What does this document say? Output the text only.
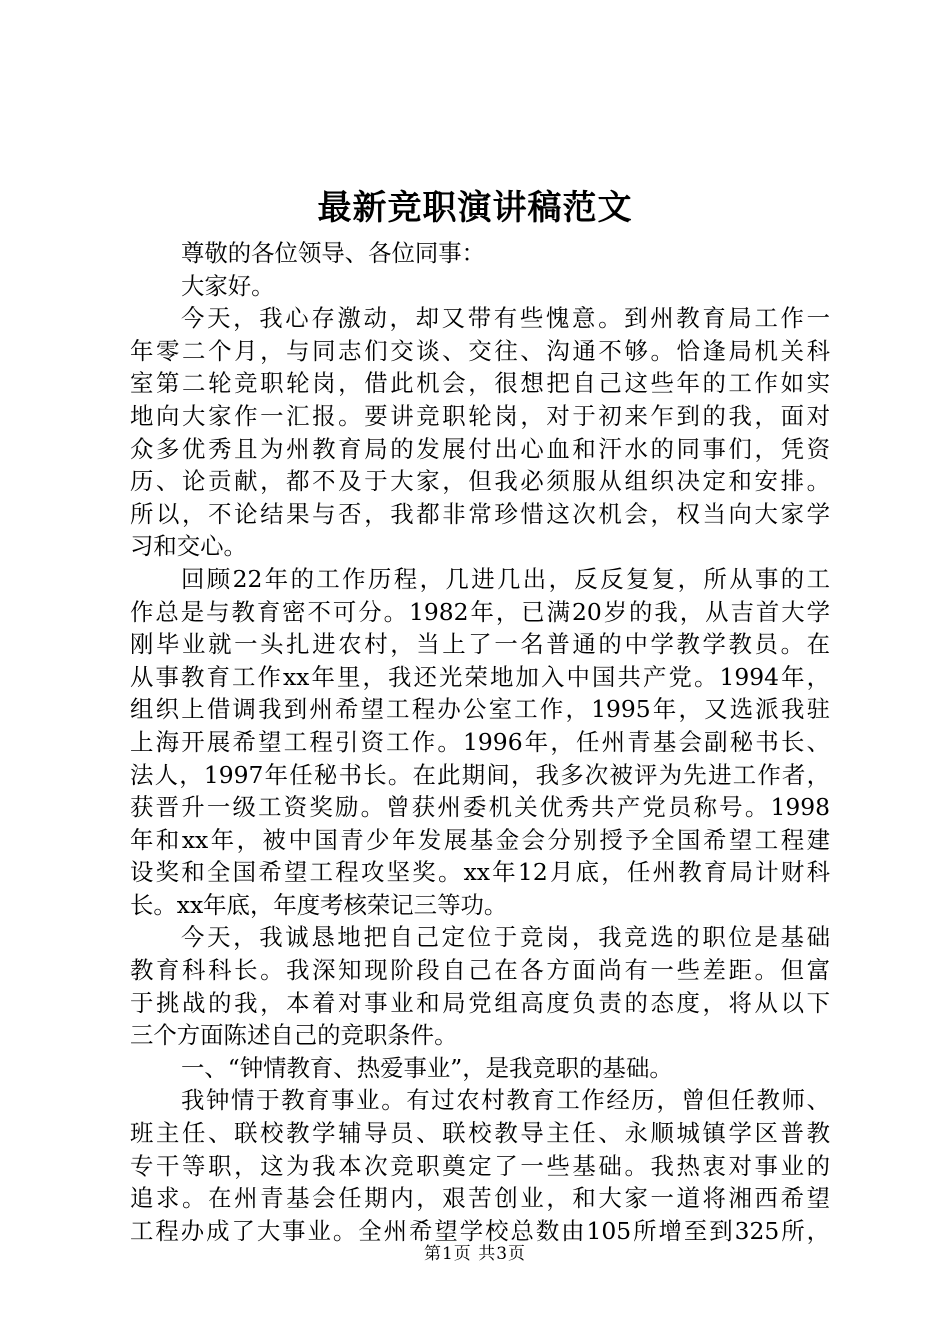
最新竞职演讲稿范文
尊敬的各位领导、各位同事：
大家好。
今天，我心存激动，却又带有些愧意。到州教育局工作一
年零二个月，与同志们交谈、交往、沟通不够。恰逢局机关科
室第二轮竞职轮岗，借此机会，很想把自己这些年的工作如实
地向大家作一汇报。要讲竞职轮岗，对于初来乍到的我，面对
众多优秀且为州教育局的发展付出心血和汗水的同事们，凭资
历、论贡献，都不及于大家，但我必须服从组织决定和安排。
所以，不论结果与否，我都非常珍惜这次机会，权当向大家学
习和交心。
回顾22年的工作历程，几进几出，反反复复，所从事的工
作总是与教育密不可分。1982年，已满20岁的我，从吉首大学
刚毕业就一头扎进农村，当上了一名普通的中学教学教员。在
从事教育工作xx年里，我还光荣地加入中国共产党。1994年，
组织上借调我到州希望工程办公室工作，1995年，又选派我驻
上海开展希望工程引资工作。1996年，任州青基会副秘书长、
法人，1997年任秘书长。在此期间，我多次被评为先进工作者，
获晋升一级工资奖励。曾获州委机关优秀共产党员称号。1998
年和xx年，被中国青少年发展基金会分别授予全国希望工程建
设奖和全国希望工程攻坚奖。xx年12月底，任州教育局计财科
长。xx年底，年度考核荣记三等功。
今天，我诚恳地把自己定位于竞岗，我竞选的职位是基础
教育科科长。我深知现阶段自己在各方面尚有一些差距。但富
于挑战的我，本着对事业和局党组高度负责的态度，将从以下
三个方面陈述自己的竞职条件。
一、“钟情教育、热爱事业”，是我竞职的基础。
我钟情于教育事业。有过农村教育工作经历，曾但任教师、
班主任、联校教学辅导员、联校教导主任、永顺城镇学区普教
专干等职，这为我本次竞职奠定了一些基础。我热衷对事业的
追求。在州青基会任期内，艰苦创业，和大家一道将湘西希望
工程办成了大事业。全州希望学校总数由105所增至到325所，
第1页 共3页
